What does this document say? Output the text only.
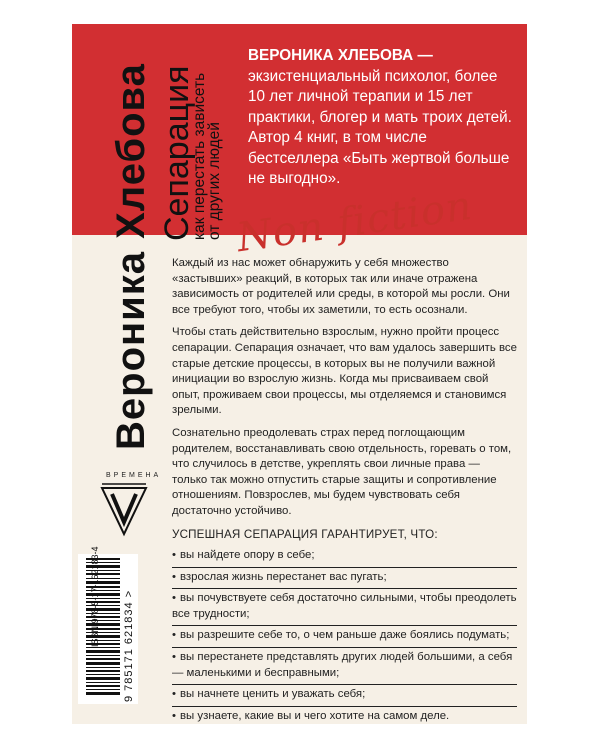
Вероника Хлебова Сепарация
как перестать зависеть
от других людей
ВРЕМЕНА
ISBN 978-5-17-162183-4 9 785171 621834 >
ВЕРОНИКА ХЛЕБОВА —
экзистенциальный психолог, более 10 лет личной терапии и 15 лет практики, блогер и мать троих детей. Автор 4 книг, в том числе бестселлера «Быть жертвой больше не выгодно».
Non fiction

Каждый из нас может обнаружить у себя множество «застывших» реакций, в которых так или иначе отражена зависимость от родителей или среды, в которой мы росли. Они все требуют того, чтобы их заметили, то есть осознали.

Чтобы стать действительно взрослым, нужно пройти процесс сепарации. Сепарация означает, что вам удалось завершить все старые детские процессы, в которых вы не получили важной инициации во взрослую жизнь. Когда мы присваиваем свой опыт, проживаем свои процессы, мы отделяемся и становимся зрелыми.

Сознательно преодолевать страх перед поглощающим родителем, восстанавливать свою отдельность, горевать о том, что случилось в детстве, укреплять свои личные права — только так можно отпустить старые защиты и сопротивление отношениям. Повзрослев, мы будем чувствовать себя достаточно устойчиво.

УСПЕШНАЯ СЕПАРАЦИЯ ГАРАНТИРУЕТ, ЧТО:
• вы найдете опору в себе;
• взрослая жизнь перестанет вас пугать;
• вы почувствуете себя достаточно сильными, чтобы преодолеть все трудности;
• вы разрешите себе то, о чем раньше даже боялись подумать;
• вы перестанете представлять других людей большими, а себя — маленькими и бесправными;
• вы начнете ценить и уважать себя;
• вы узнаете, какие вы и чего хотите на самом деле.
